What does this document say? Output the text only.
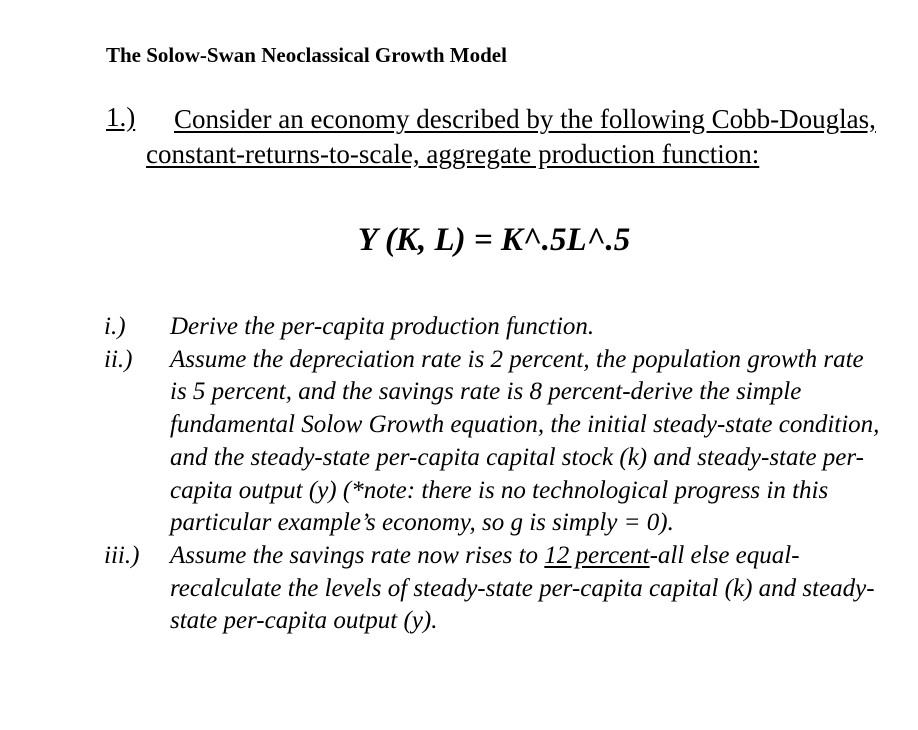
The Solow-Swan Neoclassical Growth Model
1.)	Consider an economy described by the following Cobb-Douglas, constant-returns-to-scale, aggregate production function:
Y (K, L) = K^.5L^.5
i.)	Derive the per-capita production function.
ii.)	Assume the depreciation rate is 2 percent, the population growth rate is 5 percent, and the savings rate is 8 percent-derive the simple fundamental Solow Growth equation, the initial steady-state condition, and the steady-state per-capita capital stock (k) and steady-state per-capita output (y) (*note: there is no technological progress in this particular example’s economy, so g is simply = 0).
iii.)	Assume the savings rate now rises to 12 percent-all else equal-recalculate the levels of steady-state per-capita capital (k) and steady-state per-capita output (y).
